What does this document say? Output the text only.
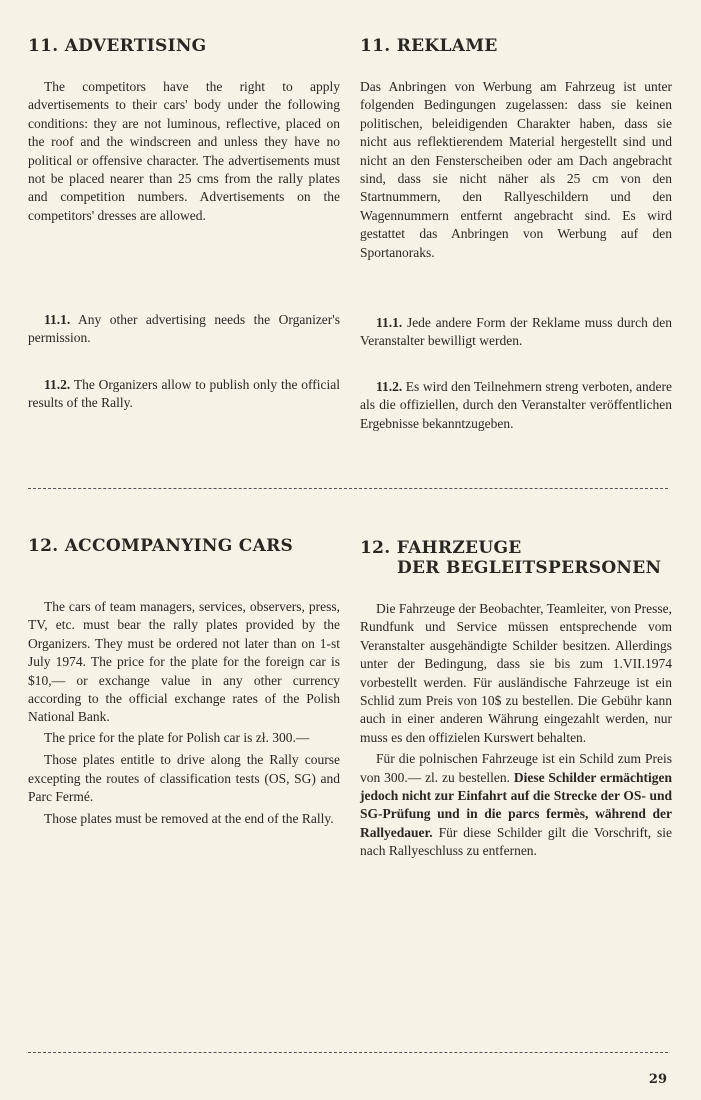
11. ADVERTISING

The competitors have the right to apply advertisements to their cars' body under the following conditions: they are not luminous, reflective, placed on the roof and the windscreen and unless they have no political or offensive character. The advertisements must not be placed nearer than 25 cms from the rally plates and competition numbers. Advertisements on the competitors' dresses are allowed.

11.1. Any other advertising needs the Organizer's permission.

11.2. The Organizers allow to publish only the official results of the Rally.

11. REKLAME

Das Anbringen von Werbung am Fahrzeug ist unter folgenden Bedingungen zugelassen: dass sie keinen politischen, beleidigenden Charakter haben, dass sie nicht aus reflektierendem Material hergestellt sind und nicht an den Fensterscheiben oder am Dach angebracht sind, dass sie nicht näher als 25 cm von den Startnummern, den Rallyeschildern und den Wagennummern entfernt angebracht sind. Es wird gestattet das Anbringen von Werbung auf den Sportanoraks.

11.1. Jede andere Form der Reklame muss durch den Veranstalter bewilligt werden.

11.2. Es wird den Teilnehmern streng verboten, andere als die offiziellen, durch den Veranstalter veröffentlichen Ergebnisse bekanntzugeben.

12. ACCOMPANYING CARS

The cars of team managers, services, observers, press, TV, etc. must bear the rally plates provided by the Organizers. They must be ordered not later than on 1-st July 1974. The price for the plate for the foreign car is $10,— or exchange value in any other currency according to the official exchange rates of the Polish National Bank.

The price for the plate for Polish car is zł. 300.—

Those plates entitle to drive along the Rally course excepting the routes of classification tests (OS, SG) and Parc Fermé.

Those plates must be removed at the end of the Rally.

12. FAHRZEUGE
DER BEGLEITSPERSONEN

Die Fahrzeuge der Beobachter, Teamleiter, von Presse, Rundfunk und Service müssen entsprechende vom Veranstalter ausgehändigte Schilder besitzen. Allerdings unter der Bedingung, dass sie bis zum 1.VII.1974 vorbestellt werden. Für ausländische Fahrzeuge ist ein Schlid zum Preis von 10$ zu bestellen. Die Gebühr kann auch in einer anderen Währung eingezahlt werden, nur muss es den offizielen Kurswert behalten.

Für die polnischen Fahrzeuge ist ein Schild zum Preis von 300.— zl. zu bestellen. Diese Schilder ermächtigen jedoch nicht zur Einfahrt auf die Strecke der OS- und SG-Prüfung und in die parcs fermès, während der Rallyedauer. Für diese Schilder gilt die Vorschrift, sie nach Rallyeschluss zu entfernen.

29
